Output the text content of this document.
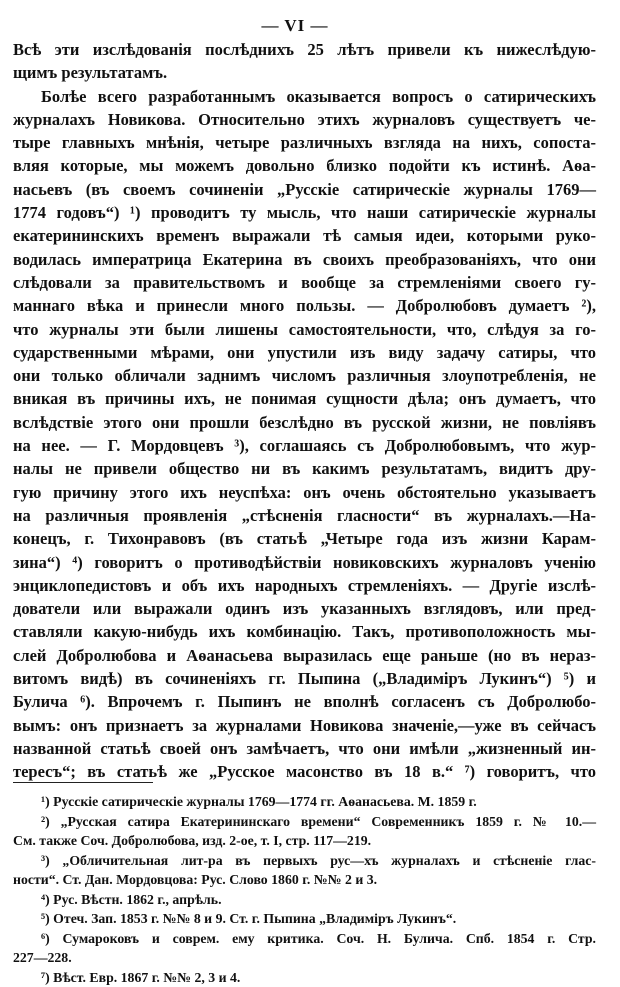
— VI —
Всѣ эти изслѣдованія послѣднихъ 25 лѣтъ привели къ нижеслѣдую-
щимъ результатамъ.
Болѣе всего разработаннымъ оказывается вопросъ о сатирическихъ
журналахъ Новикова. Относительно этихъ журналовъ существуетъ че-
тыре главныхъ мнѣнія, четыре различныхъ взгляда на нихъ, сопоста-
вляя которые, мы можемъ довольно близко подойти къ истинѣ. Аѳа-
насьевъ (въ своемъ сочиненіи „Русскіе сатирическіе журналы 1769—
1774 годовъ“) ¹) проводитъ ту мысль, что наши сатирическіе журналы
екатерининскихъ временъ выражали тѣ самыя идеи, которыми руко-
водилась императрица Екатерина въ своихъ преобразованіяхъ, что они
слѣдовали за правительствомъ и вообще за стремленіями своего гу-
маннаго вѣка и принесли много пользы. — Добролюбовъ думаетъ ²),
что журналы эти были лишены самостоятельности, что, слѣдуя за го-
сударственными мѣрами, они упустили изъ виду задачу сатиры, что
они только обличали заднимъ числомъ различныя злоупотребленія, не
вникая въ причины ихъ, не понимая сущности дѣла; онъ думаетъ, что
вслѣдствіе этого они прошли безслѣдно въ русской жизни, не повліявъ
на нее. — Г. Мордовцевъ ³), соглашаясь съ Добролюбовымъ, что жур-
налы не привели общество ни въ какимъ результатамъ, видитъ дру-
гую причину этого ихъ неуспѣха: онъ очень обстоятельно указываетъ
на различныя проявленія „стѣсненія гласности“ въ журналахъ.—На-
конецъ, г. Тихонравовъ (въ статьѣ „Четыре года изъ жизни Карам-
зина“) ⁴) говоритъ о противодѣйствіи новиковскихъ журналовъ ученію
энциклопедистовъ и объ ихъ народныхъ стремленіяхъ. — Другіе изслѣ-
дователи или выражали одинъ изъ указанныхъ взглядовъ, или пред-
ставляли какую-нибудь ихъ комбинацію. Такъ, противоположность мы-
слей Добролюбова и Аѳанасьева выразилась еще раньше (но въ нераз-
витомъ видѣ) въ сочиненіяхъ гг. Пыпина („Владиміръ Лукинъ“) ⁵) и
Булича ⁶). Впрочемъ г. Пыпинъ не вполнѣ согласенъ съ Добролюбо-
вымъ: онъ признаетъ за журналами Новикова значеніе,—уже въ сейчасъ
названной статьѣ своей онъ замѣчаетъ, что они имѣли „жизненный ин-
тересъ“; въ статьѣ же „Русское масонство въ 18 в.“ ⁷) говоритъ, что
¹) Русскіе сатирическіе журналы 1769—1774 гг. Аѳанасьева. М. 1859 г.
²) „Русская сатира Екатерининскаго времени“ Современникъ 1859 г. № 10.—
См. также Соч. Добролюбова, изд. 2-ое, т. I, стр. 117—219.
³) „Обличительная лит-ра въ первыхъ рус—хъ журналахъ и стѣсненіе глас-
ности“. Ст. Дан. Мордовцова: Рус. Слово 1860 г. №№ 2 и 3.
⁴) Рус. Вѣстн. 1862 г., апрѣль.
⁵) Отеч. Зап. 1853 г. №№ 8 и 9. Ст. г. Пыпина „Владиміръ Лукинъ“.
⁶) Сумароковъ и соврем. ему критика. Соч. Н. Булича. Спб. 1854 г. Стр.
227—228.
⁷) Вѣст. Евр. 1867 г. №№ 2, 3 и 4.
